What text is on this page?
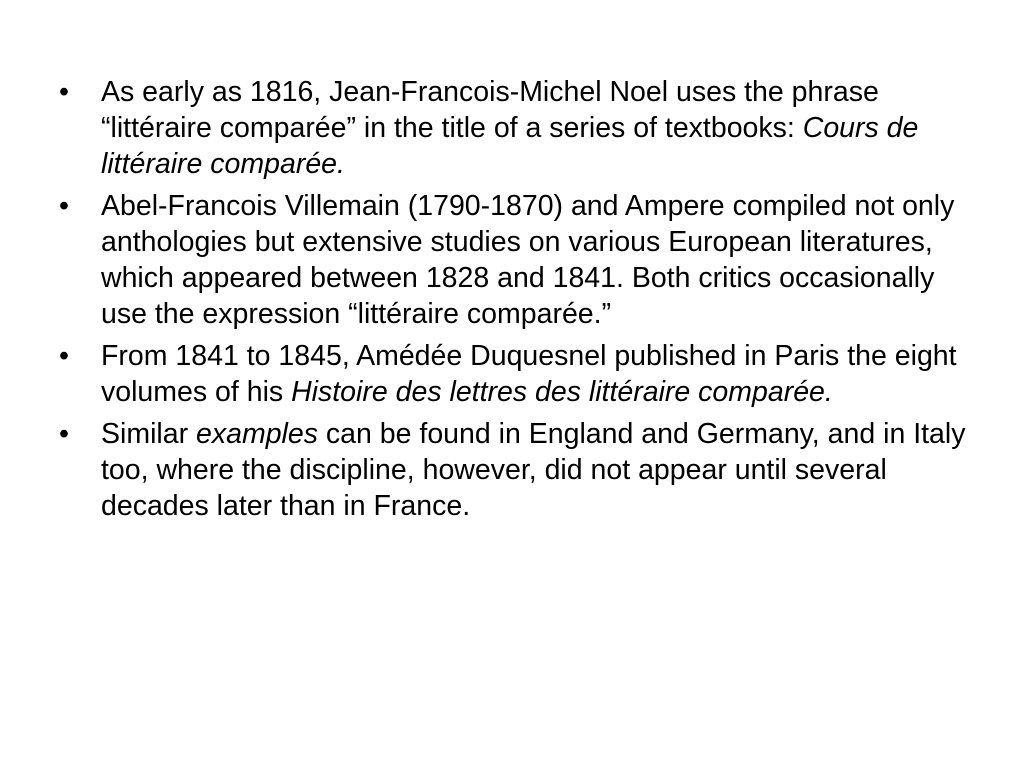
• As early as 1816, Jean-Francois-Michel Noel uses the phrase “littéraire comparée” in the title of a series of textbooks: Cours de littéraire comparée.
• Abel-Francois Villemain (1790-1870) and Ampere compiled not only anthologies but extensive studies on various European literatures, which appeared between 1828 and 1841. Both critics occasionally use the expression “littéraire comparée.”
• From 1841 to 1845, Amédée Duquesnel published in Paris the eight volumes of his Histoire des lettres des littéraire comparée.
• Similar examples can be found in England and Germany, and in Italy too, where the discipline, however, did not appear until several decades later than in France.
